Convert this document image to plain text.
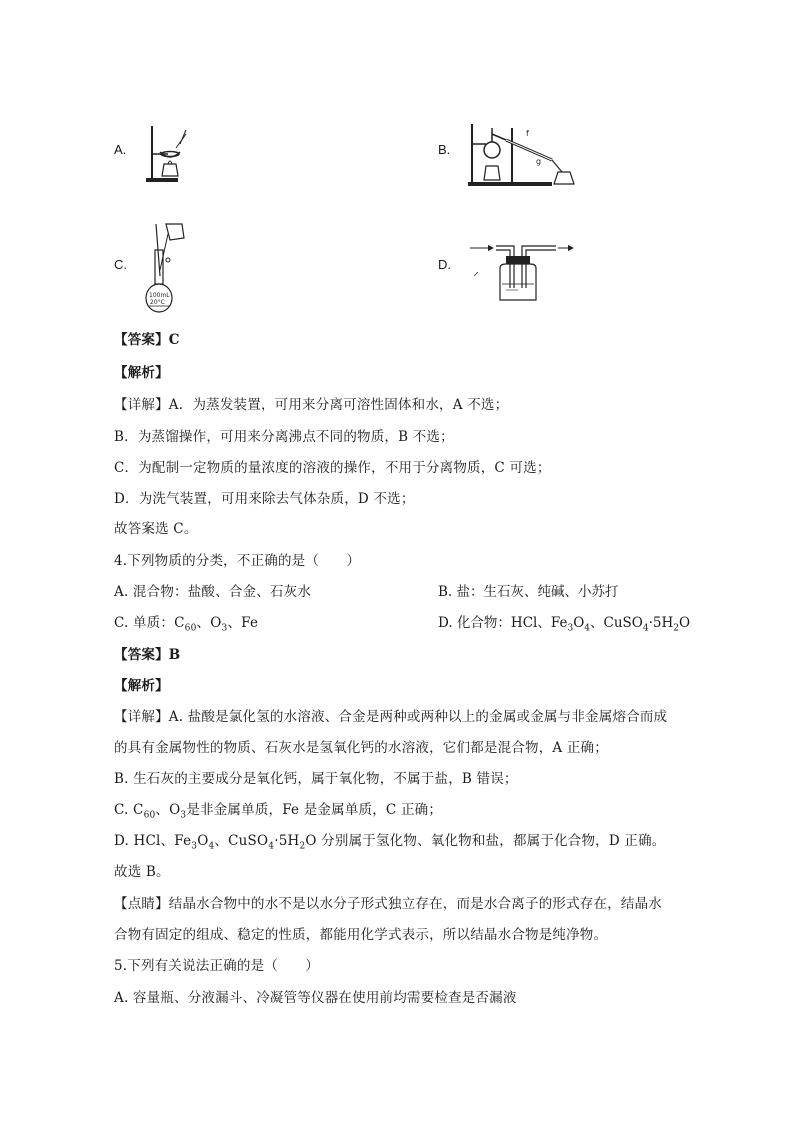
A.	B.
f
g
C.
100mL
20°C
D.
【答案】C
【解析】
【详解】A．为蒸发装置，可用来分离可溶性固体和水，A 不选；
B．为蒸馏操作，可用来分离沸点不同的物质，B 不选；
C．为配制一定物质的量浓度的溶液的操作，不用于分离物质，C 可选；
D．为洗气装置，可用来除去气体杂质，D 不选；
故答案选 C。
4.下列物质的分类，不正确的是（　　）
A. 混合物：盐酸、合金、石灰水	B. 盐：生石灰、纯碱、小苏打
C. 单质：$C_{60}$、$O_3$、Fe	D. 化合物：HCl、$Fe_3O_4$、$CuSO_4\cdot 5H_2O$
【答案】B
【解析】
【详解】A. 盐酸是氯化氢的水溶液、合金是两种或两种以上的金属或金属与非金属熔合而成
的具有金属物性的物质、石灰水是氢氧化钙的水溶液，它们都是混合物，A 正确；
B. 生石灰的主要成分是氧化钙，属于氧化物，不属于盐，B 错误；
C. $C_{60}$、$O_3$是非金属单质，Fe 是金属单质，C 正确；
D. HCl、$Fe_3O_4$、$CuSO_4\cdot 5H_2O$ 分别属于氢化物、氧化物和盐，都属于化合物，D 正确。
故选 B。
【点睛】结晶水合物中的水不是以水分子形式独立存在，而是水合离子的形式存在，结晶水
合物有固定的组成、稳定的性质，都能用化学式表示，所以结晶水合物是纯净物。
5.下列有关说法正确的是（　　）
A. 容量瓶、分液漏斗、冷凝管等仪器在使用前均需要检查是否漏液
